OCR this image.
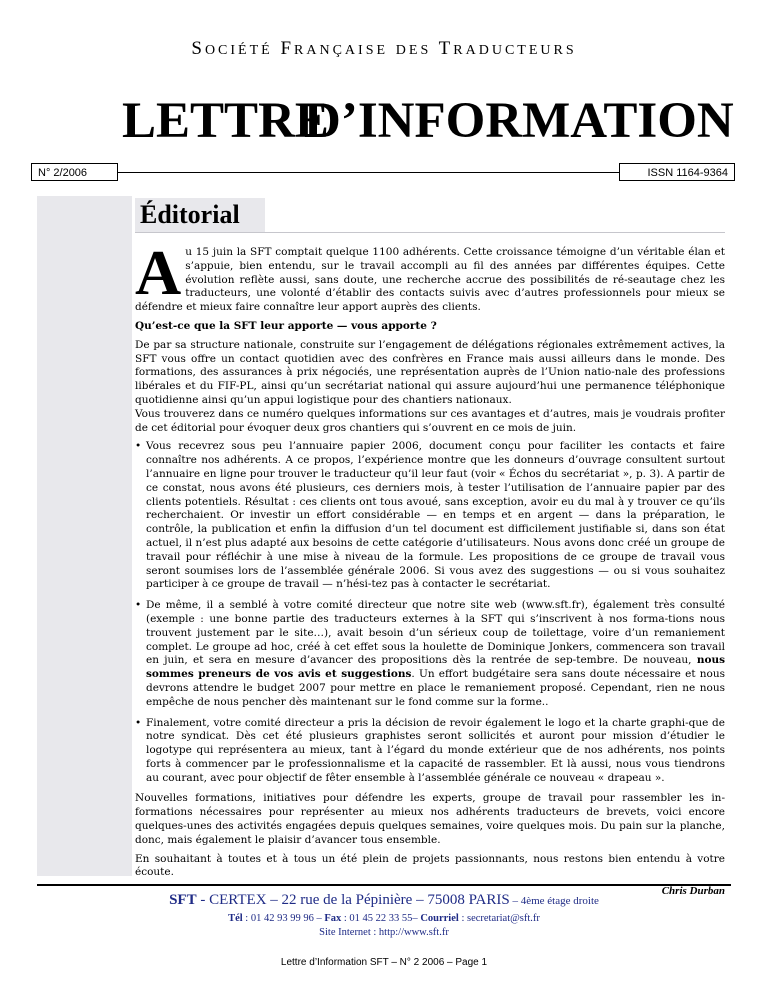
SOCIÉTÉ FRANÇAISE DES TRADUCTEURS
LETTRE
D’INFORMATION
N° 2/2006	ISSN 1164-9364
Éditorial

Au 15 juin la SFT comptait quelque 1100 adhérents. Cette croissance témoigne d’un véritable élan et s’appuie, bien entendu, sur le travail accompli au fil des années par différentes équipes. Cette évolution reflète aussi, sans doute, une recherche accrue des possibilités de ré-seautage chez les traducteurs, une volonté d’établir des contacts suivis avec d’autres professionnels pour mieux se défendre et mieux faire connaître leur apport auprès des clients.

Qu’est-ce que la SFT leur apporte — vous apporte ?

De par sa structure nationale, construite sur l’engagement de délégations régionales extrêmement actives, la SFT vous offre un contact quotidien avec des confrères en France mais aussi ailleurs dans le monde. Des formations, des assurances à prix négociés, une représentation auprès de l’Union natio-nale des professions libérales et du FIF-PL, ainsi qu’un secrétariat national qui assure aujourd’hui une permanence téléphonique quotidienne ainsi qu’un appui logistique pour des chantiers nationaux.

Vous trouverez dans ce numéro quelques informations sur ces avantages et d’autres, mais je voudrais profiter de cet éditorial pour évoquer deux gros chantiers qui s’ouvrent en ce mois de juin.

• Vous recevrez sous peu l’annuaire papier 2006, document conçu pour faciliter les contacts et faire connaître nos adhérents. A ce propos, l’expérience montre que les donneurs d’ouvrage consultent surtout l’annuaire en ligne pour trouver le traducteur qu’il leur faut (voir « Échos du secrétariat », p. 3). A partir de ce constat, nous avons été plusieurs, ces derniers mois, à tester l’utilisation de l’annuaire papier par des clients potentiels. Résultat : ces clients ont tous avoué, sans exception, avoir eu du mal à y trouver ce qu’ils recherchaient. Or investir un effort considérable — en temps et en argent — dans la préparation, le contrôle, la publication et enfin la diffusion d’un tel document est difficilement justifiable si, dans son état actuel, il n’est plus adapté aux besoins de cette catégorie d’utilisateurs. Nous avons donc créé un groupe de travail pour réfléchir à une mise à niveau de la formule. Les propositions de ce groupe de travail vous seront soumises lors de l’assemblée générale 2006. Si vous avez des suggestions — ou si vous souhaitez participer à ce groupe de travail — n’hési-tez pas à contacter le secrétariat.
• De même, il a semblé à votre comité directeur que notre site web (www.sft.fr), également très consulté (exemple : une bonne partie des traducteurs externes à la SFT qui s’inscrivent à nos forma-tions nous trouvent justement par le site…), avait besoin d’un sérieux coup de toilettage, voire d’un remaniement complet. Le groupe ad hoc, créé à cet effet sous la houlette de Dominique Jonkers, commencera son travail en juin, et sera en mesure d’avancer des propositions dès la rentrée de sep-tembre. De nouveau, nous sommes preneurs de vos avis et suggestions. Un effort budgétaire sera sans doute nécessaire et nous devrons attendre le budget 2007 pour mettre en place le remaniement proposé. Cependant, rien ne nous empêche de nous pencher dès maintenant sur le fond comme sur la forme..
• Finalement, votre comité directeur a pris la décision de revoir également le logo et la charte graphi-que de notre syndicat. Dès cet été plusieurs graphistes seront sollicités et auront pour mission d’étudier le logotype qui représentera au mieux, tant à l’égard du monde extérieur que de nos adhérents, nos points forts à commencer par le professionnalisme et la capacité de rassembler. Et là aussi, nous vous tiendrons au courant, avec pour objectif de fêter ensemble à l’assemblée générale ce nouveau « drapeau ».

Nouvelles formations, initiatives pour défendre les experts, groupe de travail pour rassembler les in-formations nécessaires pour représenter au mieux nos adhérents traducteurs de brevets, voici encore quelques-unes des activités engagées depuis quelques semaines, voire quelques mois. Du pain sur la planche, donc, mais également le plaisir d’avancer tous ensemble.

En souhaitant à toutes et à tous un été plein de projets passionnants, nous restons bien entendu à votre écoute.

Chris Durban
SFT - CERTEX – 22 rue de la Pépinière – 75008 PARIS – 4ème étage droite
Tél : 01 42 93 99 96 – Fax : 01 45 22 33 55– Courriel : secretariat@sft.fr
Site Internet : http://www.sft.fr
Lettre d’Information SFT – N° 2 2006 – Page 1
